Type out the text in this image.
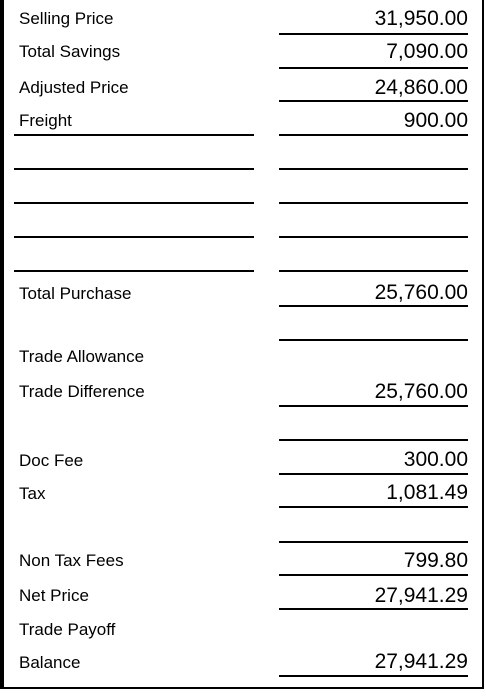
Selling Price
Total Savings
Adjusted Price
Freight
Total Purchase
Trade Allowance
Trade Difference
Doc Fee
Tax
Non Tax Fees
Net Price
Trade Payoff
Balance
31,950.00
7,090.00
24,860.00
900.00
25,760.00
25,760.00
300.00
1,081.49
799.80
27,941.29
27,941.29
